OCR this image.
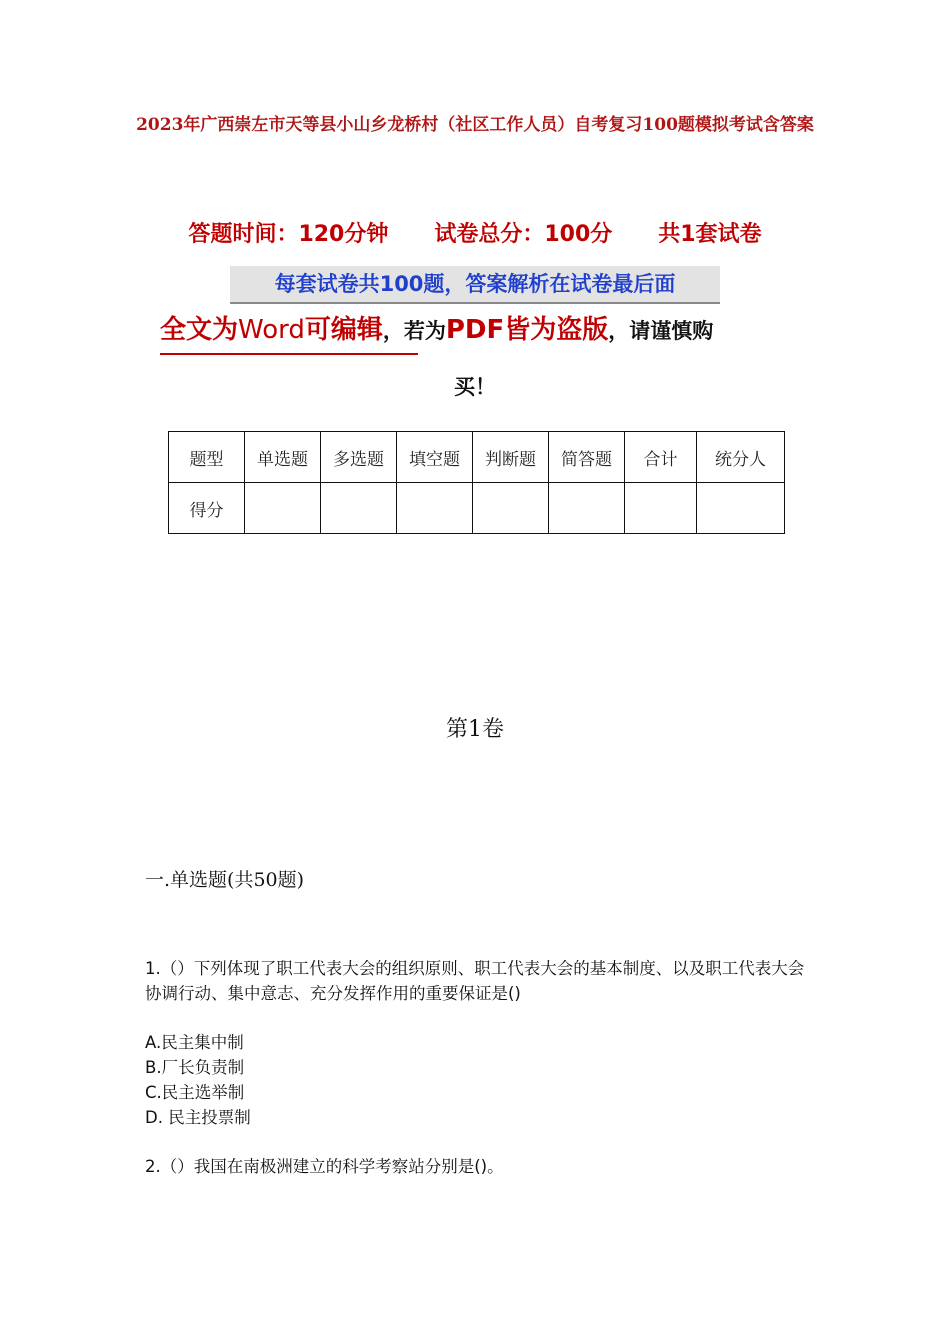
2023年广西崇左市天等县小山乡龙桥村（社区工作人员）自考复习100题模拟考试含答案
答题时间：120分钟 试卷总分：100分 共1套试卷
每套试卷共100题，答案解析在试卷最后面
全文为Word可编辑，若为PDF皆为盗版，请谨慎购
买！
题型	单选题	多选题	填空题	判断题	简答题	合计	统分人
得分							
第1卷
一.单选题(共50题)
1.（）下列体现了职工代表大会的组织原则、职工代表大会的基本制度、以及职工代表大会协调行动、集中意志、充分发挥作用的重要保证是()
A.民主集中制
B.厂长负责制
C.民主选举制
D. 民主投票制
2.（）我国在南极洲建立的科学考察站分别是()。
